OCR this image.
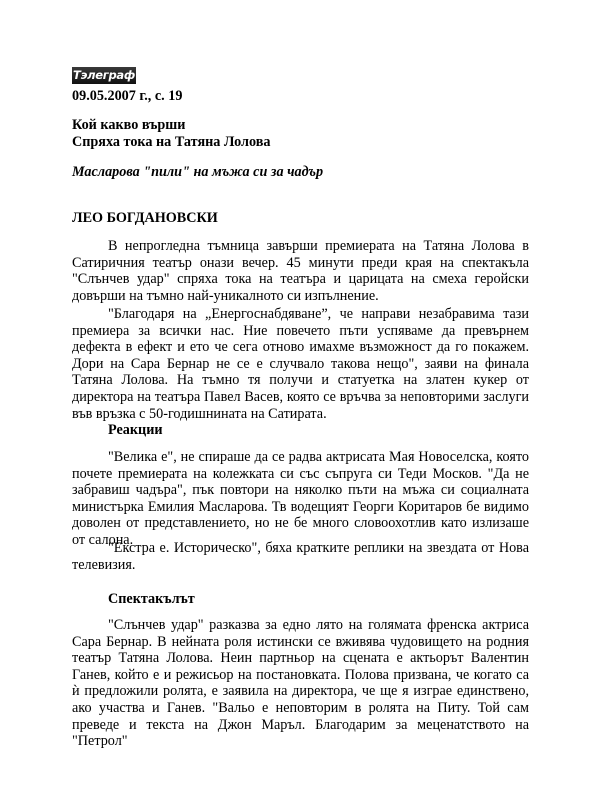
Тэлеграф
09.05.2007 г., с. 19
Кой какво върши
Спряха тока на Татяна Лолова
Масларова "пили" на мъжа си за чадър
ЛЕО БОГДАНОВСКИ

В непрогледна тъмница завърши премиерата на Татяна Лолова в Сатиричния театър онази вечер. 45 минути преди края на спектакъла "Слънчев удар" спряха тока на театъра и царицата на смеха геройски довърши на тъмно най-уникалното си изпълнение.

"Благодаря на „Енергоснабдяване”, че направи незабравима тази премиера за всички нас. Ние повечето пъти успяваме да превърнем дефекта в ефект и ето че сега отново имахме възможност да го покажем. Дори на Сара Бернар не се е случвало такова нещо", заяви на финала Татяна Лолова. На тъмно тя получи и статуетка на златен кукер от директора на театъра Павел Васев, която се връчва за неповторими заслуги във връзка с 50-годишнината на Сатирата.

Реакции

"Велика е", не спираше да се радва актрисата Мая Новоселска, която почете премиерата на колежката си със съпруга си Теди Москов. "Да не забравиш чадъра", пък повтори на няколко пъти на мъжа си социалната министърка Емилия Масларова. Тв водещият Георги Коритаров бе видимо доволен от представлението, но не бе много словоохотлив като излизаше от салона.

"Екстра е. Историческо", бяха кратките реплики на звездата от Нова телевизия.

Спектакълът

"Слънчев удар" разказва за едно лято на голямата френска актриса Сара Бернар. В нейната роля истински се вживява чудовището на родния театър Татяна Лолова. Неин партньор на сцената е актьорът Валентин Ганев, който е и режисьор на постановката. Полова призвана, че когато са ѝ предложили ролята, е заявила на директора, че ще я изграе единствено, ако участва и Ганев. "Вальо е неповторим в ролята на Питу. Той сам преведе и текста на Джон Маръл. Благодарим за меценатството на "Петрол"
